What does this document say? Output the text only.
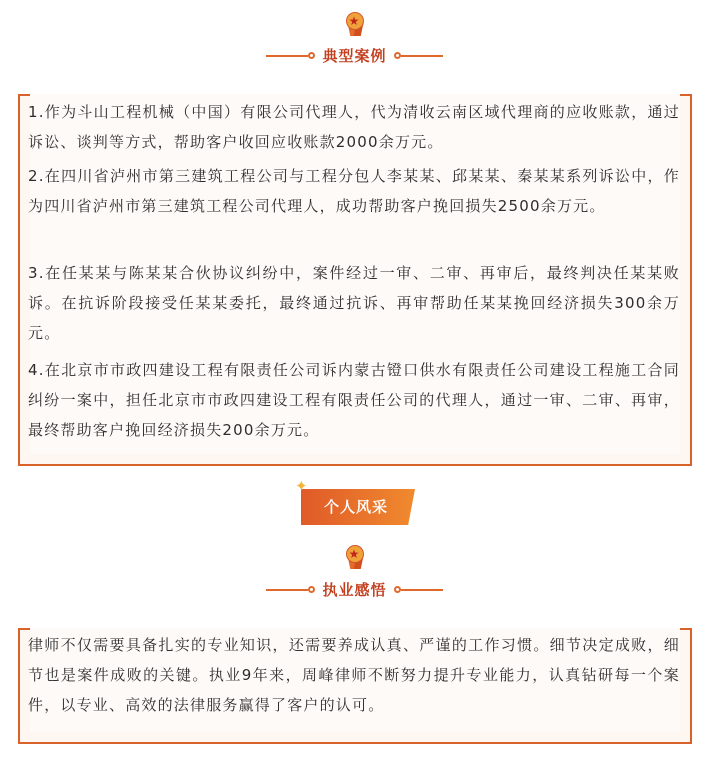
★
典型案例
1.作为斗山工程机械（中国）有限公司代理人，代为清收云南区域代理商的应收账款，通过诉讼、谈判等方式，帮助客户收回应收账款2000余万元。
2.在四川省泸州市第三建筑工程公司与工程分包人李某某、邱某某、秦某某系列诉讼中，作为四川省泸州市第三建筑工程公司代理人，成功帮助客户挽回损失2500余万元。
3.在任某某与陈某某合伙协议纠纷中，案件经过一审、二审、再审后，最终判决任某某败诉。在抗诉阶段接受任某某委托，最终通过抗诉、再审帮助任某某挽回经济损失300余万元。
4.在北京市市政四建设工程有限责任公司诉内蒙古镫口供水有限责任公司建设工程施工合同纠纷一案中，担任北京市市政四建设工程有限责任公司的代理人，通过一审、二审、再审，最终帮助客户挽回经济损失200余万元。
✦
个人风采
★
执业感悟
律师不仅需要具备扎实的专业知识，还需要养成认真、严谨的工作习惯。细节决定成败，细节也是案件成败的关键。执业9年来，周峰律师不断努力提升专业能力，认真钻研每一个案件，以专业、高效的法律服务赢得了客户的认可。
